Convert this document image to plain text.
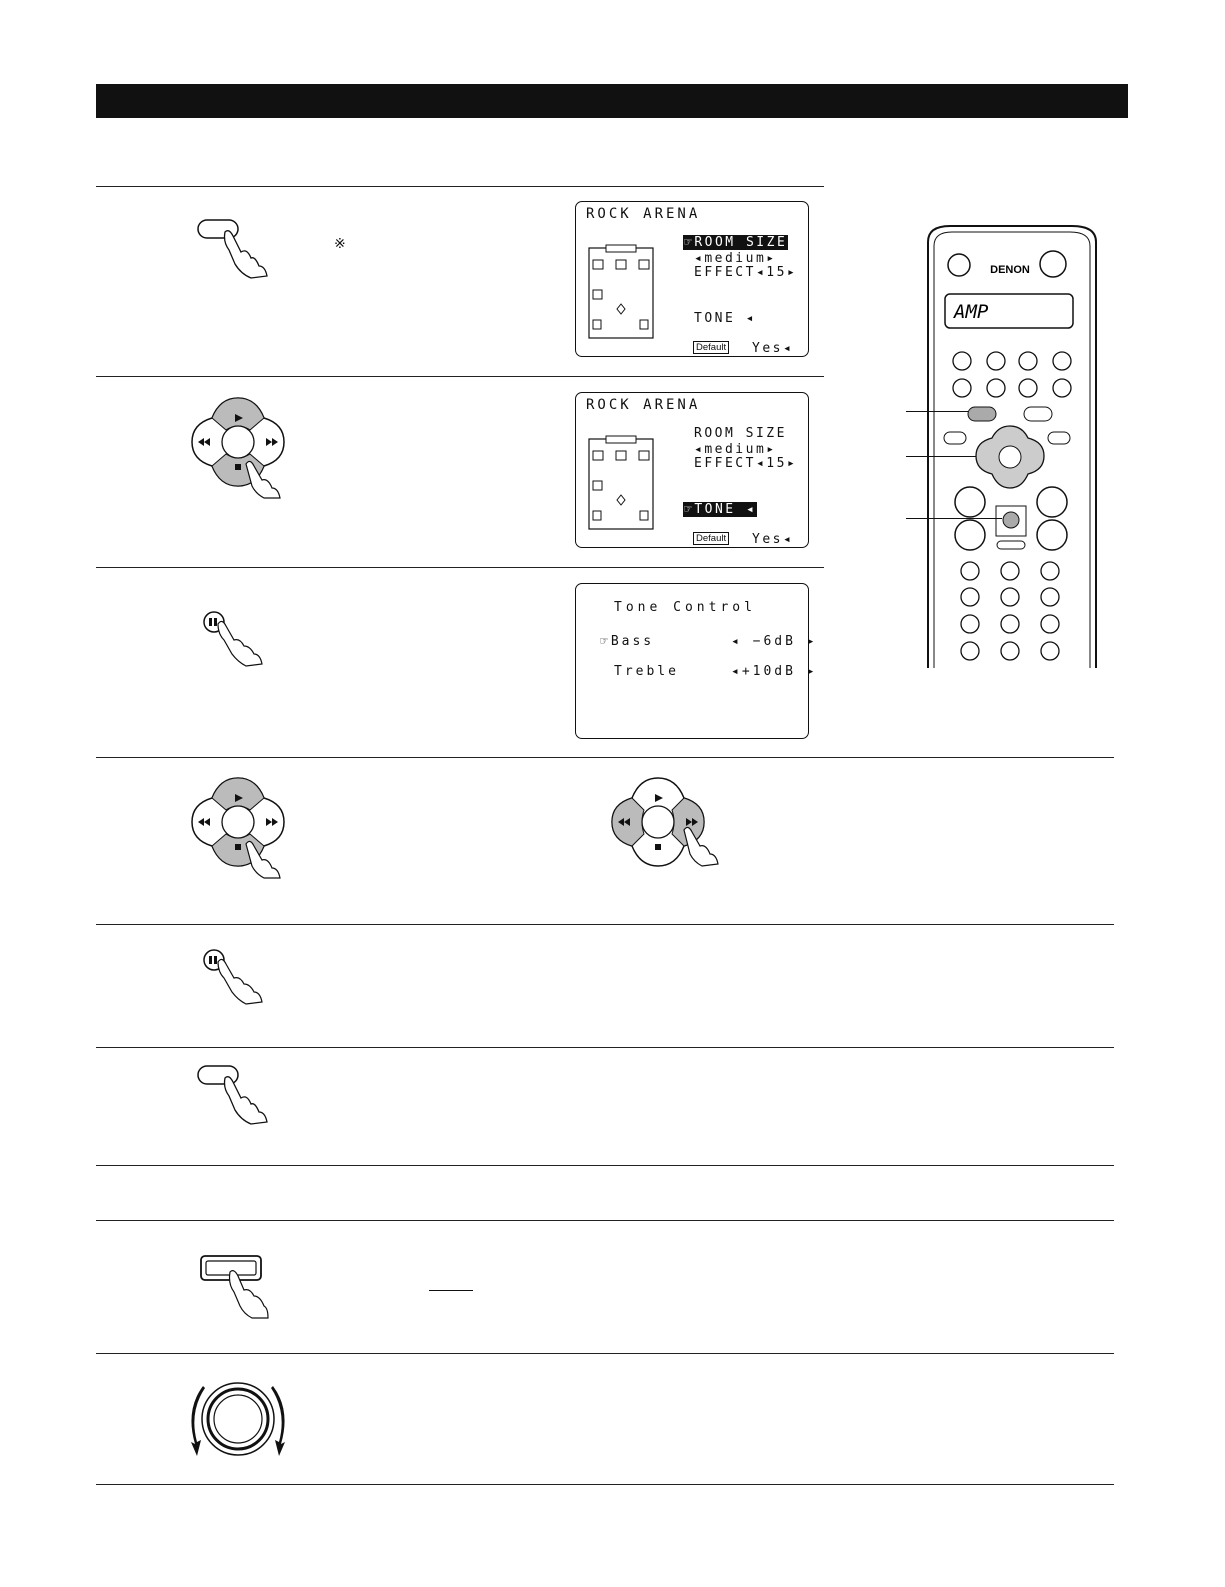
※
ROCK ARENA
☞ROOM SIZE
◂medium▸
EFFECT◂15▸
TONE ◂
Default Yes◂
ROCK ARENA
ROOM SIZE
◂medium▸
EFFECT◂15▸
☞TONE ◂
Default Yes◂
Tone Control
☞Bass	◂ −6dB ▸
Treble	◂+10dB ▸
DENON
AMP
